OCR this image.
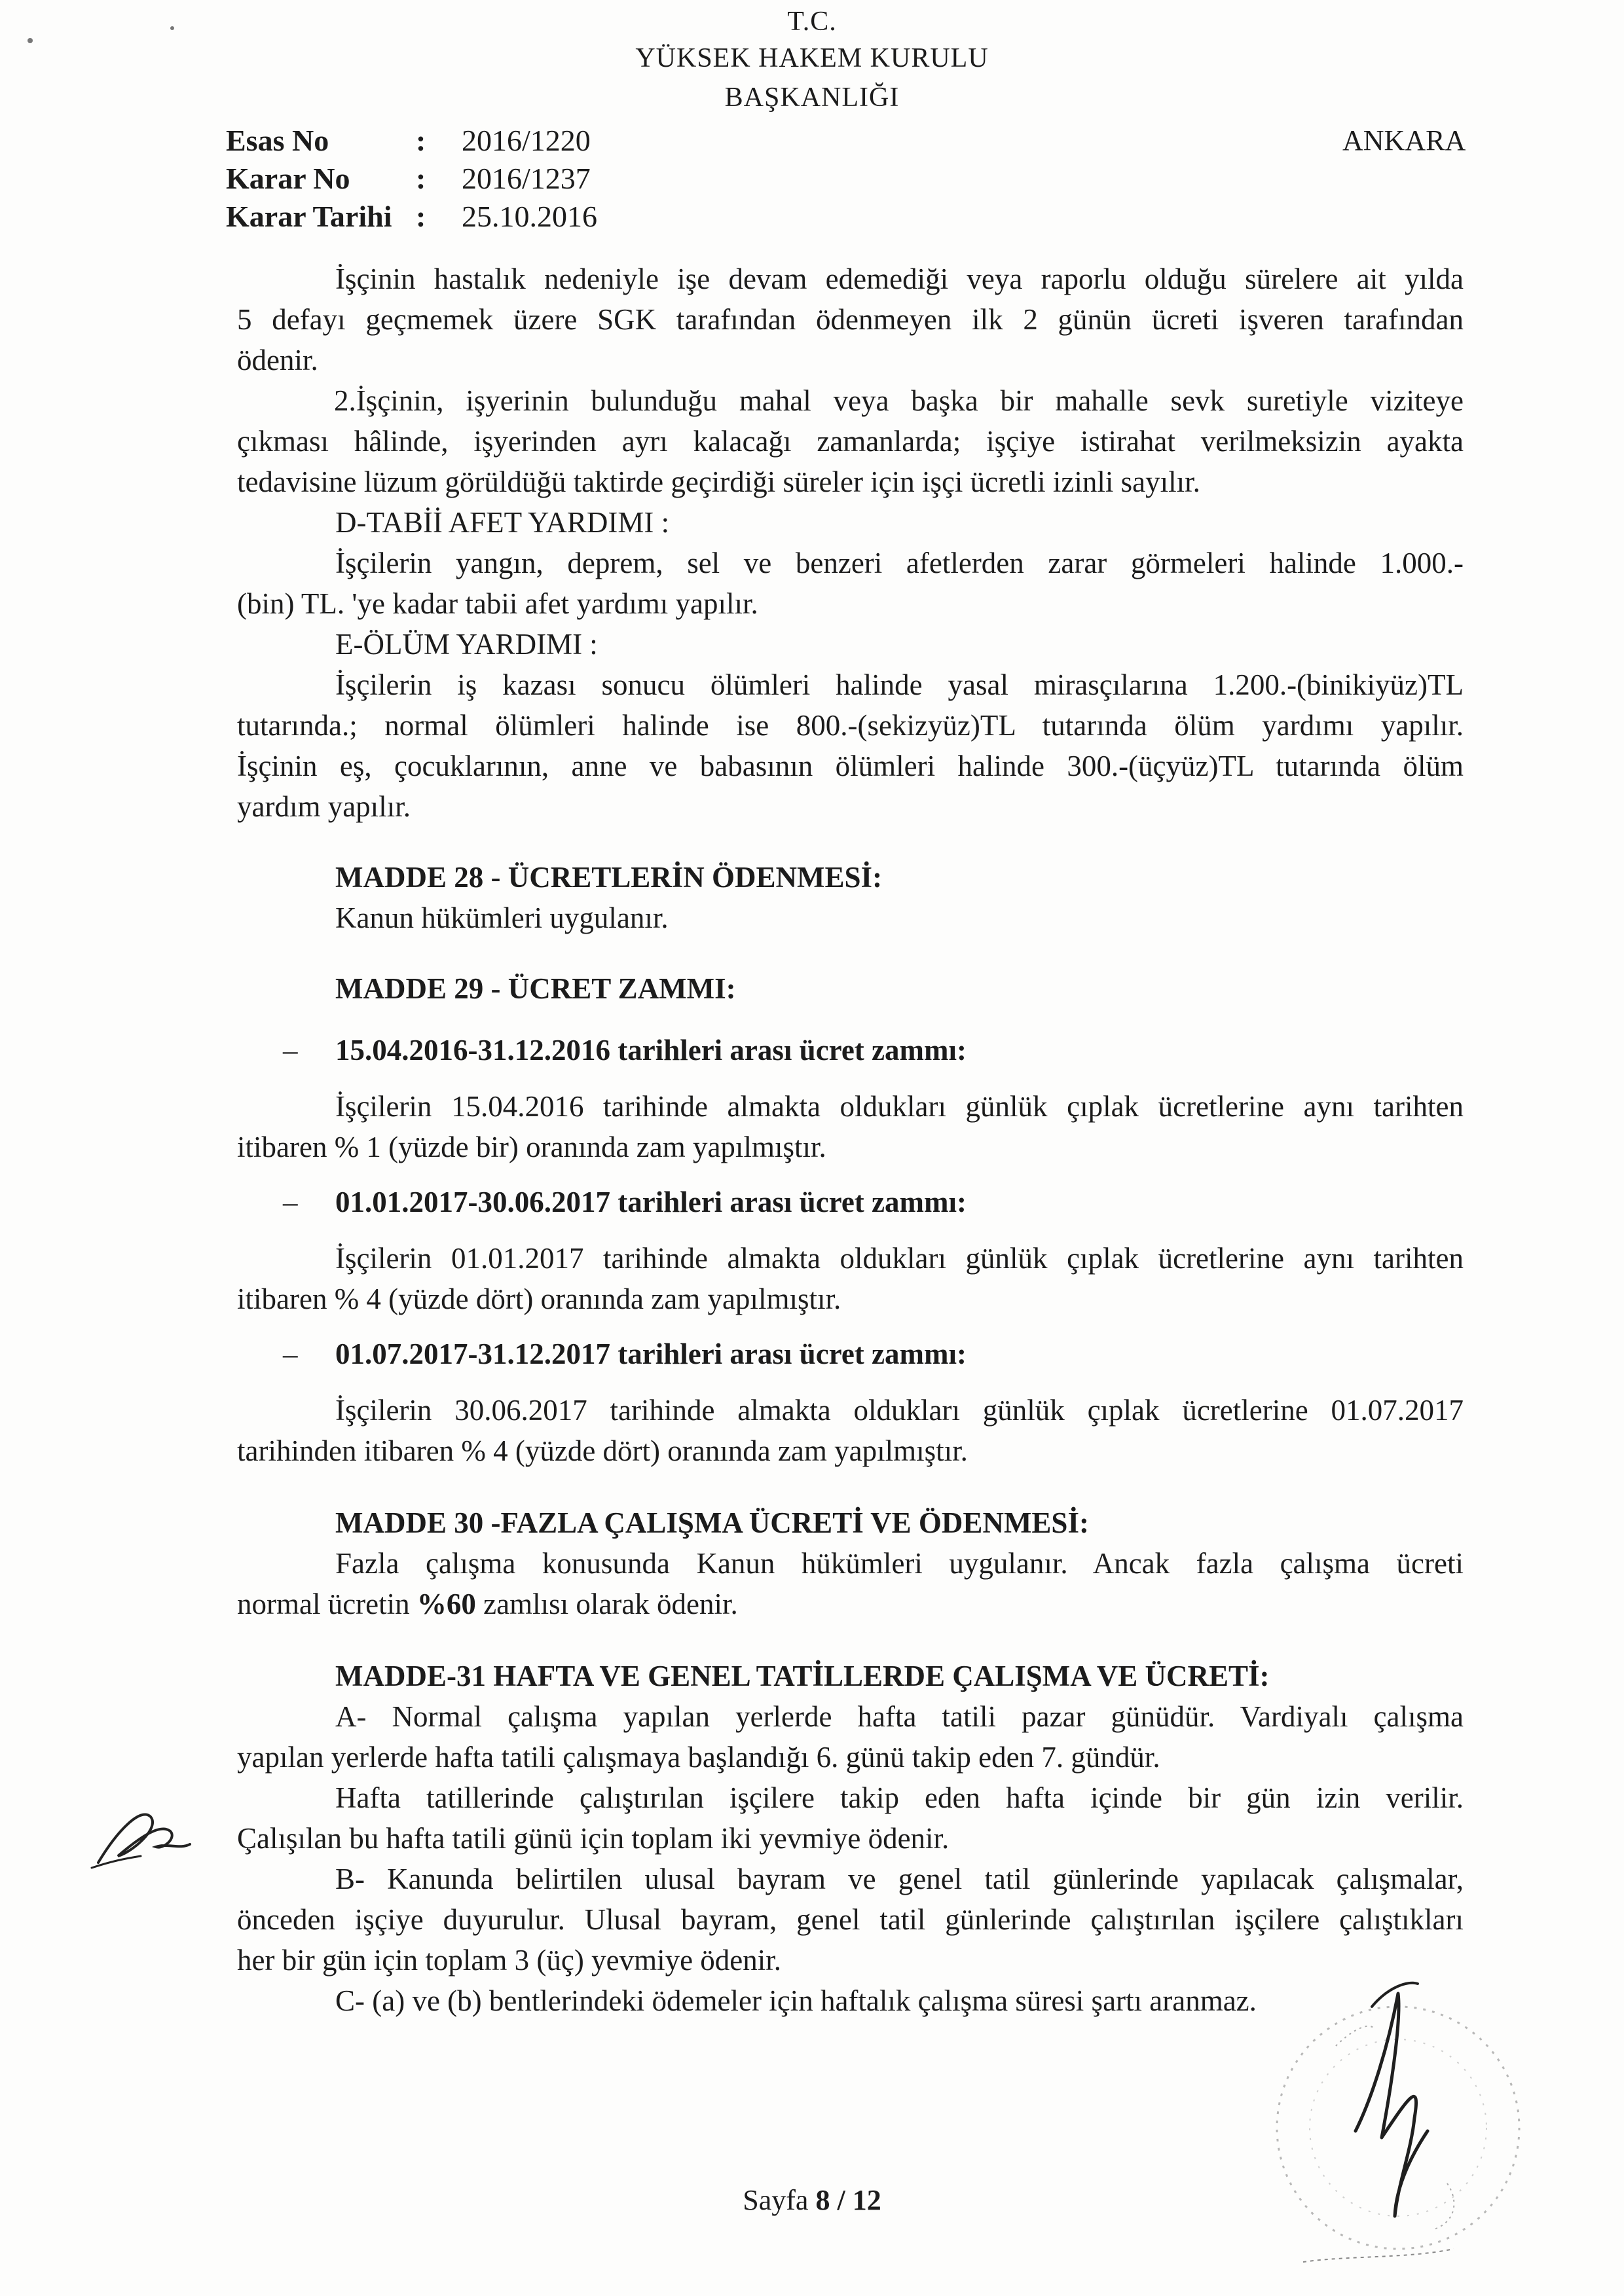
T.C.
YÜKSEK HAKEM KURULU
BAŞKANLIĞI
Esas No	:	2016/1220
Karar No	:	2016/1237
Karar Tarihi :	25.10.2016
ANKARA
İşçinin hastalık nedeniyle işe devam edemediği veya raporlu olduğu sürelere ait yılda
5 defayı geçmemek üzere SGK tarafından ödenmeyen ilk 2 günün ücreti işveren tarafından
ödenir.
2.İşçinin, işyerinin bulunduğu mahal veya başka bir mahalle sevk suretiyle viziteye
çıkması hâlinde, işyerinden ayrı kalacağı zamanlarda; işçiye istirahat verilmeksizin ayakta
tedavisine lüzum görüldüğü taktirde geçirdiği süreler için işçi ücretli izinli sayılır.
D-TABİİ AFET YARDIMI :
İşçilerin yangın, deprem, sel ve benzeri afetlerden zarar görmeleri halinde 1.000.-
(bin) TL. 'ye kadar tabii afet yardımı yapılır.
E-ÖLÜM YARDIMI :
İşçilerin iş kazası sonucu ölümleri halinde yasal mirasçılarına 1.200.-(binikiyüz)TL
tutarında.; normal ölümleri halinde ise 800.-(sekizyüz)TL tutarında ölüm yardımı yapılır.
İşçinin eş, çocuklarının, anne ve babasının ölümleri halinde 300.-(üçyüz)TL tutarında ölüm
yardım yapılır.
MADDE 28 - ÜCRETLERİN ÖDENMESİ:
Kanun hükümleri uygulanır.
MADDE 29 - ÜCRET ZAMMI:
– 15.04.2016-31.12.2016 tarihleri arası ücret zammı:
İşçilerin 15.04.2016 tarihinde almakta oldukları günlük çıplak ücretlerine aynı tarihten
itibaren % 1 (yüzde bir) oranında zam yapılmıştır.
– 01.01.2017-30.06.2017 tarihleri arası ücret zammı:
İşçilerin 01.01.2017 tarihinde almakta oldukları günlük çıplak ücretlerine aynı tarihten
itibaren % 4 (yüzde dört) oranında zam yapılmıştır.
– 01.07.2017-31.12.2017 tarihleri arası ücret zammı:
İşçilerin 30.06.2017 tarihinde almakta oldukları günlük çıplak ücretlerine 01.07.2017
tarihinden itibaren % 4 (yüzde dört) oranında zam yapılmıştır.
MADDE 30 -FAZLA ÇALIŞMA ÜCRETİ VE ÖDENMESİ:
Fazla çalışma konusunda Kanun hükümleri uygulanır. Ancak fazla çalışma ücreti
normal ücretin %60 zamlısı olarak ödenir.
MADDE-31 HAFTA VE GENEL TATİLLERDE ÇALIŞMA VE ÜCRETİ:
A- Normal çalışma yapılan yerlerde hafta tatili pazar günüdür. Vardiyalı çalışma
yapılan yerlerde hafta tatili çalışmaya başlandığı 6. günü takip eden 7. gündür.
Hafta tatillerinde çalıştırılan işçilere takip eden hafta içinde bir gün izin verilir.
Çalışılan bu hafta tatili günü için toplam iki yevmiye ödenir.
B- Kanunda belirtilen ulusal bayram ve genel tatil günlerinde yapılacak çalışmalar,
önceden işçiye duyurulur. Ulusal bayram, genel tatil günlerinde çalıştırılan işçilere çalıştıkları
her bir gün için toplam 3 (üç) yevmiye ödenir.
C- (a) ve (b) bentlerindeki ödemeler için haftalık çalışma süresi şartı aranmaz.
Sayfa 8 / 12
